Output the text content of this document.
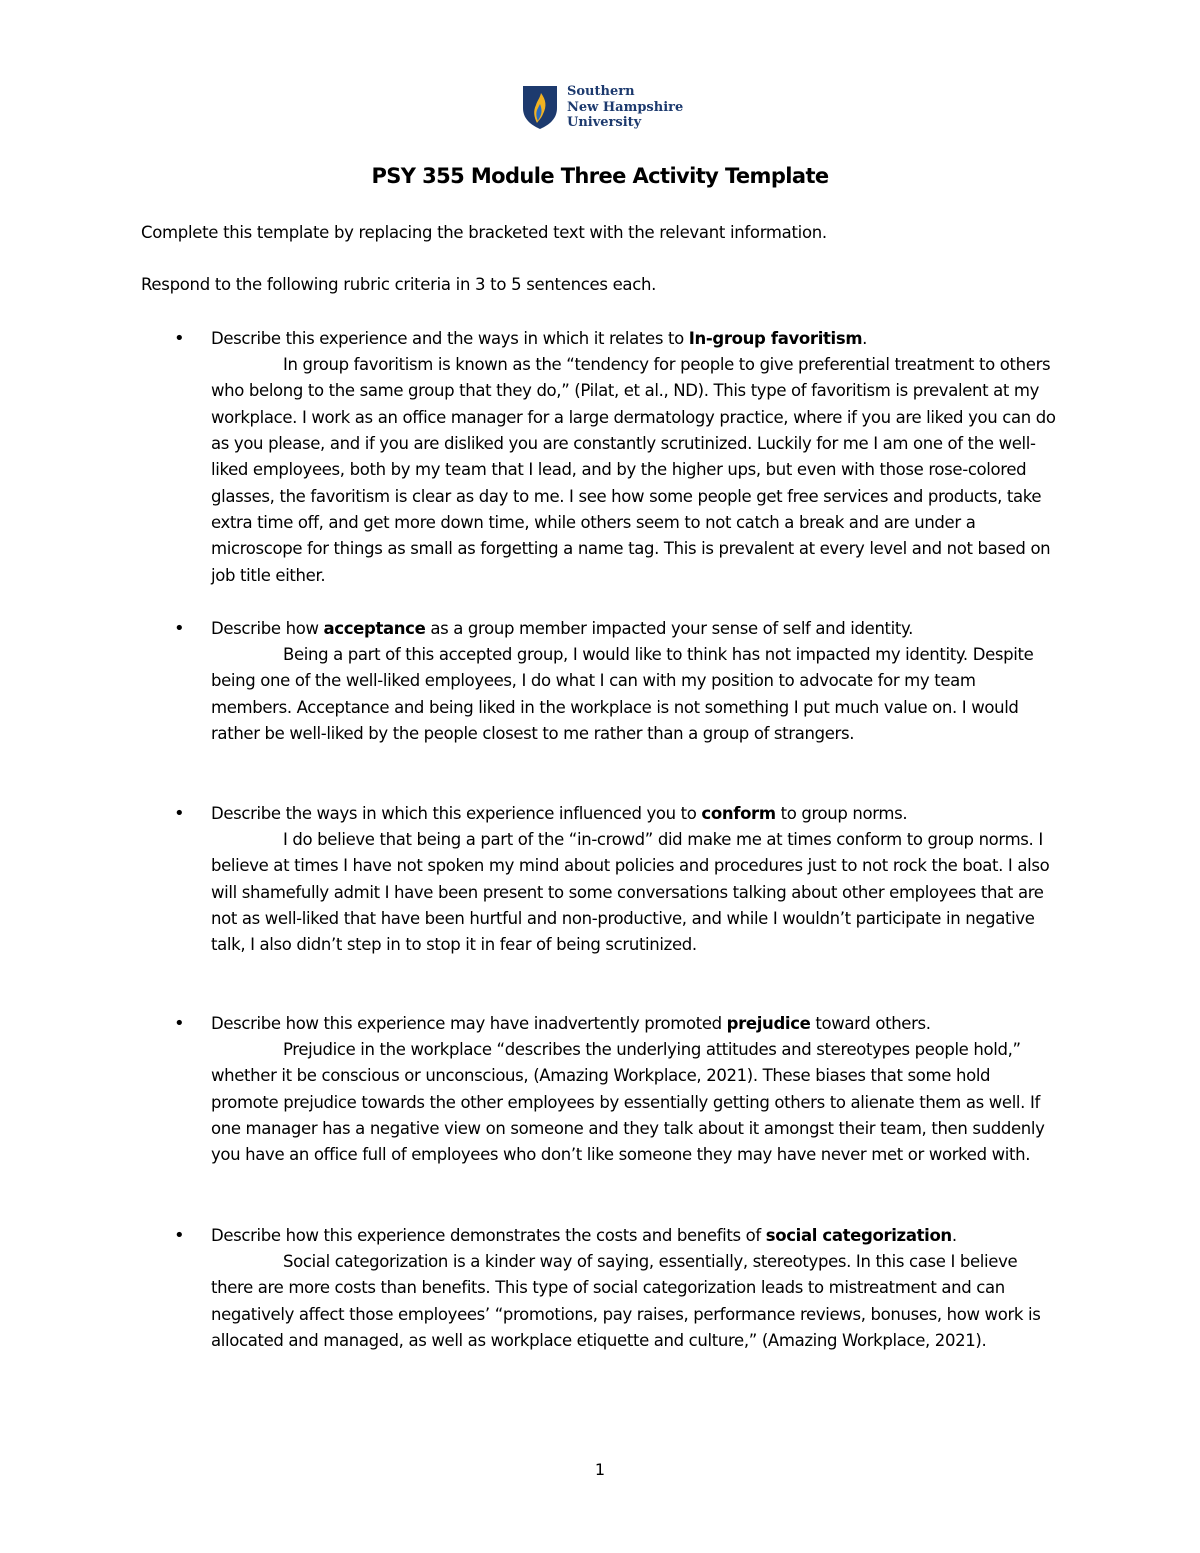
Southern
New Hampshire
University
PSY 355 Module Three Activity Template
Complete this template by replacing the bracketed text with the relevant information.
Respond to the following rubric criteria in 3 to 5 sentences each.
• Describe this experience and the ways in which it relates to In-group favoritism.

In group favoritism is known as the “tendency for people to give preferential treatment to others who belong to the same group that they do,” (Pilat, et al., ND). This type of favoritism is prevalent at my workplace. I work as an office manager for a large dermatology practice, where if you are liked you can do as you please, and if you are disliked you are constantly scrutinized. Luckily for me I am one of the well-liked employees, both by my team that I lead, and by the higher ups, but even with those rose-colored glasses, the favoritism is clear as day to me. I see how some people get free services and products, take extra time off, and get more down time, while others seem to not catch a break and are under a microscope for things as small as forgetting a name tag. This is prevalent at every level and not based on job title either.

• Describe how acceptance as a group member impacted your sense of self and identity.

Being a part of this accepted group, I would like to think has not impacted my identity. Despite being one of the well-liked employees, I do what I can with my position to advocate for my team members. Acceptance and being liked in the workplace is not something I put much value on. I would rather be well-liked by the people closest to me rather than a group of strangers.

• Describe the ways in which this experience influenced you to conform to group norms.

I do believe that being a part of the “in-crowd” did make me at times conform to group norms. I believe at times I have not spoken my mind about policies and procedures just to not rock the boat. I also will shamefully admit I have been present to some conversations talking about other employees that are not as well-liked that have been hurtful and non-productive, and while I wouldn’t participate in negative talk, I also didn’t step in to stop it in fear of being scrutinized.

• Describe how this experience may have inadvertently promoted prejudice toward others.

Prejudice in the workplace “describes the underlying attitudes and stereotypes people hold,” whether it be conscious or unconscious, (Amazing Workplace, 2021). These biases that some hold promote prejudice towards the other employees by essentially getting others to alienate them as well. If one manager has a negative view on someone and they talk about it amongst their team, then suddenly you have an office full of employees who don’t like someone they may have never met or worked with.

• Describe how this experience demonstrates the costs and benefits of social categorization.

Social categorization is a kinder way of saying, essentially, stereotypes. In this case I believe there are more costs than benefits. This type of social categorization leads to mistreatment and can negatively affect those employees’ “promotions, pay raises, performance reviews, bonuses, how work is allocated and managed, as well as workplace etiquette and culture,” (Amazing Workplace, 2021).

1
